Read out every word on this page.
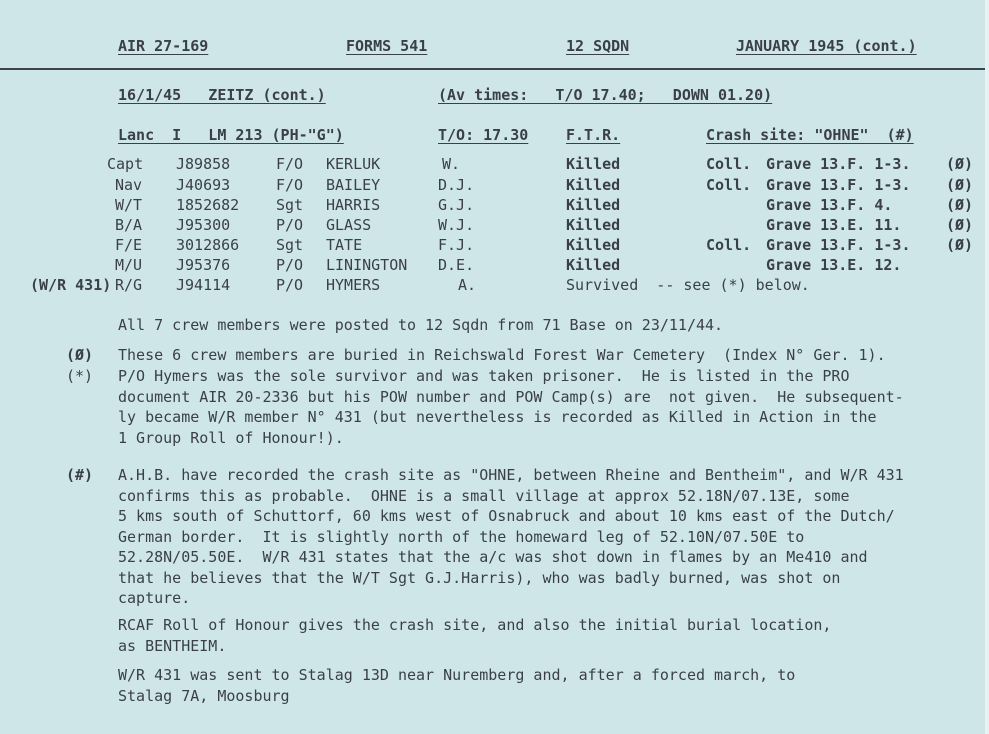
AIR 27-169	FORMS 541	12 SQDN	JANUARY 1945 (cont.)
16/1/45   ZEITZ (cont.)	(Av times:   T/O 17.40;   DOWN 01.20)
Lanc  I   LM 213 (PH-"G")	T/O: 17.30	F.T.R.	Crash site: "OHNE"  (#)
Capt J89858	F/O KERLUK	W.	Killed	Coll. Grave 13.F. 1-3. (Ø)
Nav J40693	F/O BAILEY	D.J.	Killed	Coll. Grave 13.F. 1-3. (Ø)
W/T 1852682 Sgt HARRIS	G.J.	Killed	Grave 13.F. 4.	(Ø)
B/A J95300	P/O GLASS	W.J.	Killed	Grave 13.E. 11.	(Ø)
F/E 3012866 Sgt TATE	F.J.	Killed	Coll. Grave 13.F. 1-3. (Ø)
M/U J95376	P/O LININGTON D.E.	Killed	Grave 13.E. 12.
(W/R 431) R/G J94114	P/O HYMERS	A.	Survived  -- see (*) below.
All 7 crew members were posted to 12 Sqdn from 71 Base on 23/11/44.
(Ø) These 6 crew members are buried in Reichswald Forest War Cemetery  (Index N° Ger. 1).
(*) P/O Hymers was the sole survivor and was taken prisoner.  He is listed in the PRO
document AIR 20-2336 but his POW number and POW Camp(s) are  not given.  He subsequent-
ly became W/R member N° 431 (but nevertheless is recorded as Killed in Action in the
1 Group Roll of Honour!).
(#) A.H.B. have recorded the crash site as "OHNE, between Rheine and Bentheim", and W/R 431
confirms this as probable.  OHNE is a small village at approx 52.18N/07.13E, some
5 kms south of Schuttorf, 60 kms west of Osnabruck and about 10 kms east of the Dutch/
German border.  It is slightly north of the homeward leg of 52.10N/07.50E to
52.28N/05.50E.  W/R 431 states that the a/c was shot down in flames by an Me410 and
that he believes that the W/T Sgt G.J.Harris), who was badly burned, was shot on
capture.
RCAF Roll of Honour gives the crash site, and also the initial burial location,
as BENTHEIM.
W/R 431 was sent to Stalag 13D near Nuremberg and, after a forced march, to
Stalag 7A, Moosburg
